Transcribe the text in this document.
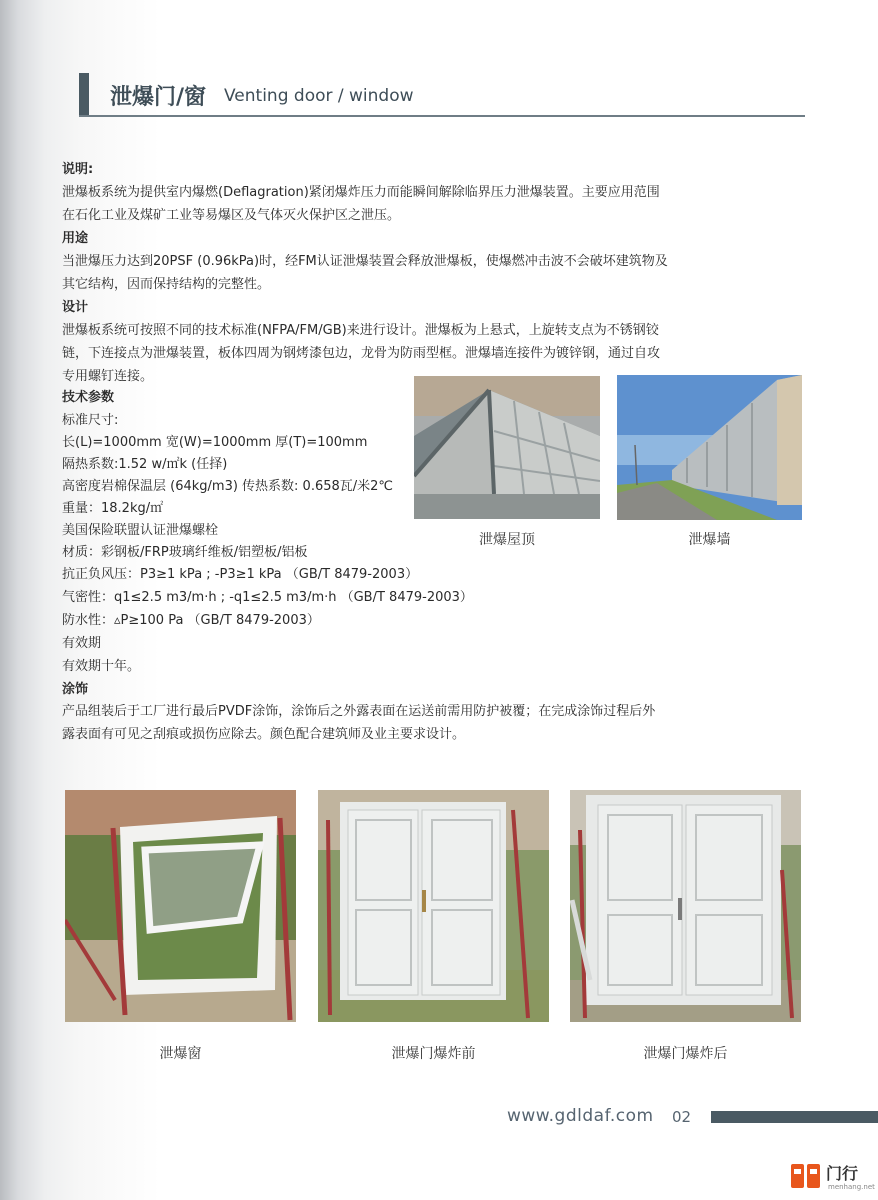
泄爆门/窗 Venting door / window
说明:
泄爆板系统为提供室内爆燃(Deflagration)紧闭爆炸压力而能瞬间解除临界压力泄爆装置。主要应用范围
在石化工业及煤矿工业等易爆区及气体灭火保护区之泄压。
用途
当泄爆压力达到20PSF (0.96kPa)时，经FM认证泄爆装置会释放泄爆板，使爆燃冲击波不会破坏建筑物及
其它结构，因而保持结构的完整性。
设计
泄爆板系统可按照不同的技术标准(NFPA/FM/GB)来进行设计。泄爆板为上悬式，上旋转支点为不锈钢铰
链，下连接点为泄爆装置，板体四周为钢烤漆包边，龙骨为防雨型框。泄爆墙连接件为镀锌钢，通过自攻
专用螺钉连接。
技术参数
标准尺寸:
长(L)=1000mm 宽(W)=1000mm 厚(T)=100mm
隔热系数:1.52 w/㎡k (任择)
高密度岩棉保温层 (64kg/m3) 传热系数: 0.658瓦/米2℃
重量：18.2kg/㎡
美国保险联盟认证泄爆螺栓
材质：彩钢板/FRP玻璃纤维板/铝塑板/铝板
抗正负风压：P3≥1 kPa ; -P3≥1 kPa （GB/T 8479-2003）
气密性：q1≤2.5 m3/m·h ; -q1≤2.5 m3/m·h （GB/T 8479-2003）
防水性：▵P≥100 Pa （GB/T 8479-2003）
有效期
有效期十年。
涂饰
产品组装后于工厂进行最后PVDF涂饰，涂饰后之外露表面在运送前需用防护被覆；在完成涂饰过程后外
露表面有可见之刮痕或损伤应除去。颜色配合建筑师及业主要求设计。
泄爆屋顶	泄爆墙
泄爆窗	泄爆门爆炸前	泄爆门爆炸后
www.gdldaf.com 02
门行
menhang.net
